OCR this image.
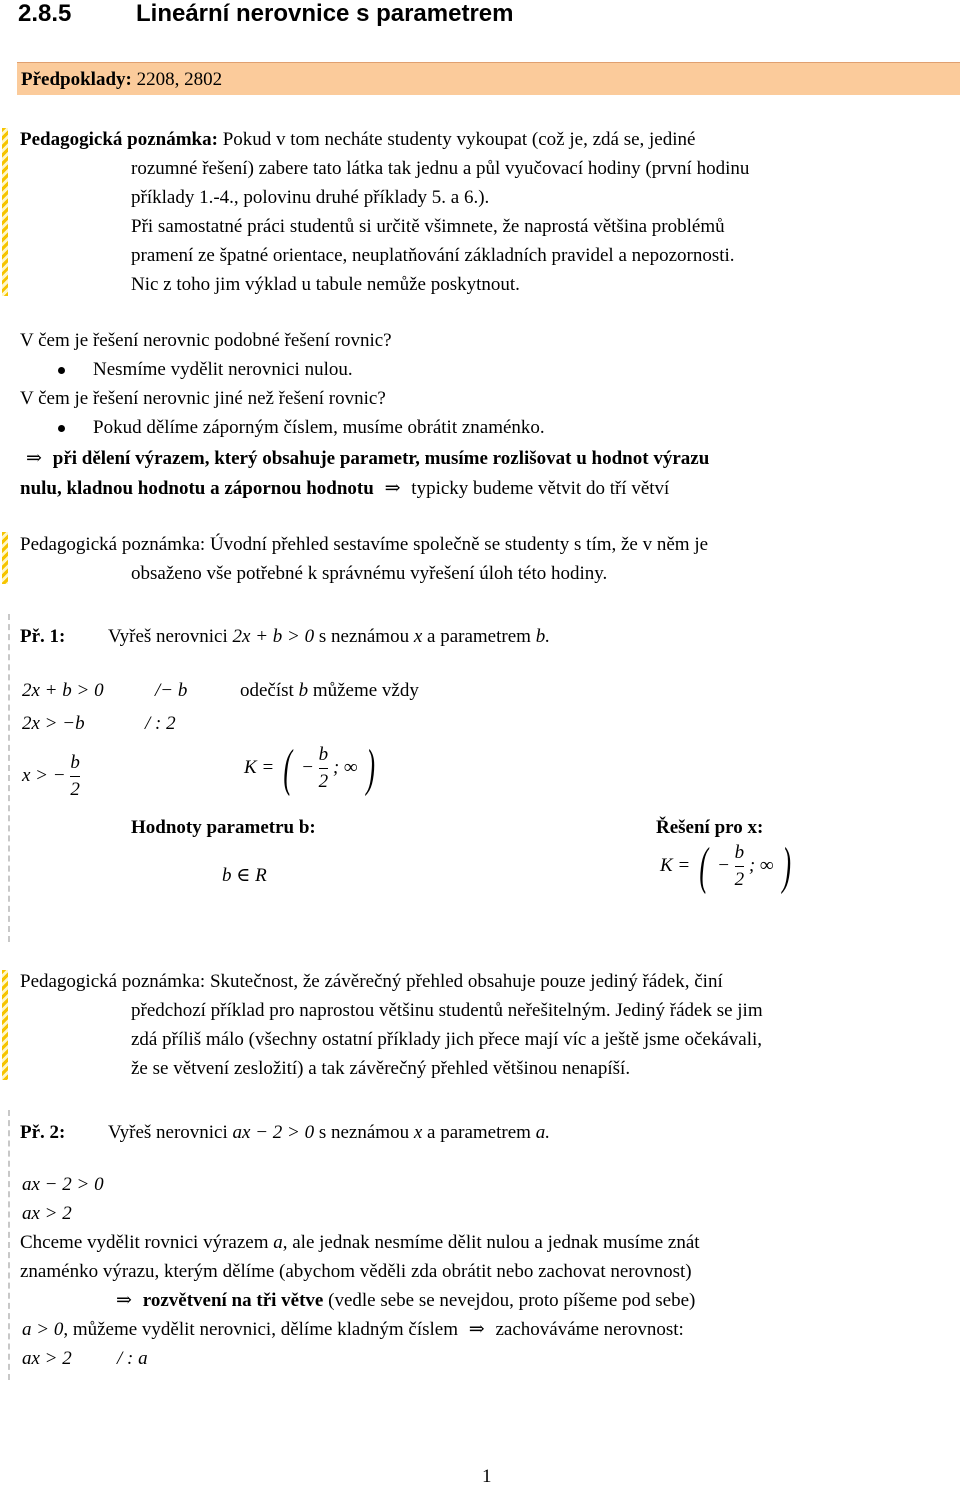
2.8.5	Lineární nerovnice s parametrem
Předpoklady: 2208, 2802
Pedagogická poznámka: Pokud v tom necháte studenty vykoupat (což je, zdá se, jediné
rozumné řešení) zabere tato látka tak jednu a půl vyučovací hodiny (první hodinu
příklady 1.-4., polovinu druhé příklady 5. a 6.).
Při samostatné práci studentů si určitě všimnete, že naprostá většina problémů
pramení ze špatné orientace, neuplatňování základních pravidel a nepozornosti.
Nic z toho jim výklad u tabule nemůže poskytnout.
V čem je řešení nerovnic podobné řešení rovnic?
Nesmíme vydělit nerovnici nulou.
V čem je řešení nerovnic jiné než řešení rovnic?
Pokud dělíme záporným číslem, musíme obrátit znaménko.
⇒ při dělení výrazem, který obsahuje parametr, musíme rozlišovat u hodnot výrazu
nulu, kladnou hodnotu a zápornou hodnotu ⇒ typicky budeme větvit do tří větví
Pedagogická poznámka: Úvodní přehled sestavíme společně se studenty s tím, že v něm je
obsaženo vše potřebné k správnému vyřešení úloh této hodiny.
Př. 1: Vyřeš nerovnici 2x + b > 0 s neznámou x a parametrem b.
2x + b > 0	/− b	odečíst b můžeme vždy
2x > −b	/ : 2
x > − $\frac{b}{2}$	K = ( − $\frac{b}{2}$ ; ∞ )
Hodnoty parametru b:	Řešení pro x:
b ∈ R	K = ( − $\frac{b}{2}$ ; ∞ )
Pedagogická poznámka: Skutečnost, že závěrečný přehled obsahuje pouze jediný řádek, činí
předchozí příklad pro naprostou většinu studentů neřešitelným. Jediný řádek se jim
zdá příliš málo (všechny ostatní příklady jich přece mají víc a ještě jsme očekávali,
že se větvení zesložití) a tak závěrečný přehled většinou nenapíší.
Př. 2: Vyřeš nerovnici ax − 2 > 0 s neznámou x a parametrem a.
ax − 2 > 0
ax > 2
Chceme vydělit rovnici výrazem a, ale jednak nesmíme dělit nulou a jednak musíme znát
znaménko výrazu, kterým dělíme (abychom věděli zda obrátit nebo zachovat nerovnost)
⇒ rozvětvení na tři větve (vedle sebe se nevejdou, proto píšeme pod sebe)
a > 0, můžeme vydělit nerovnici, dělíme kladným číslem ⇒ zachováváme nerovnost:
ax > 2 / : a
1
